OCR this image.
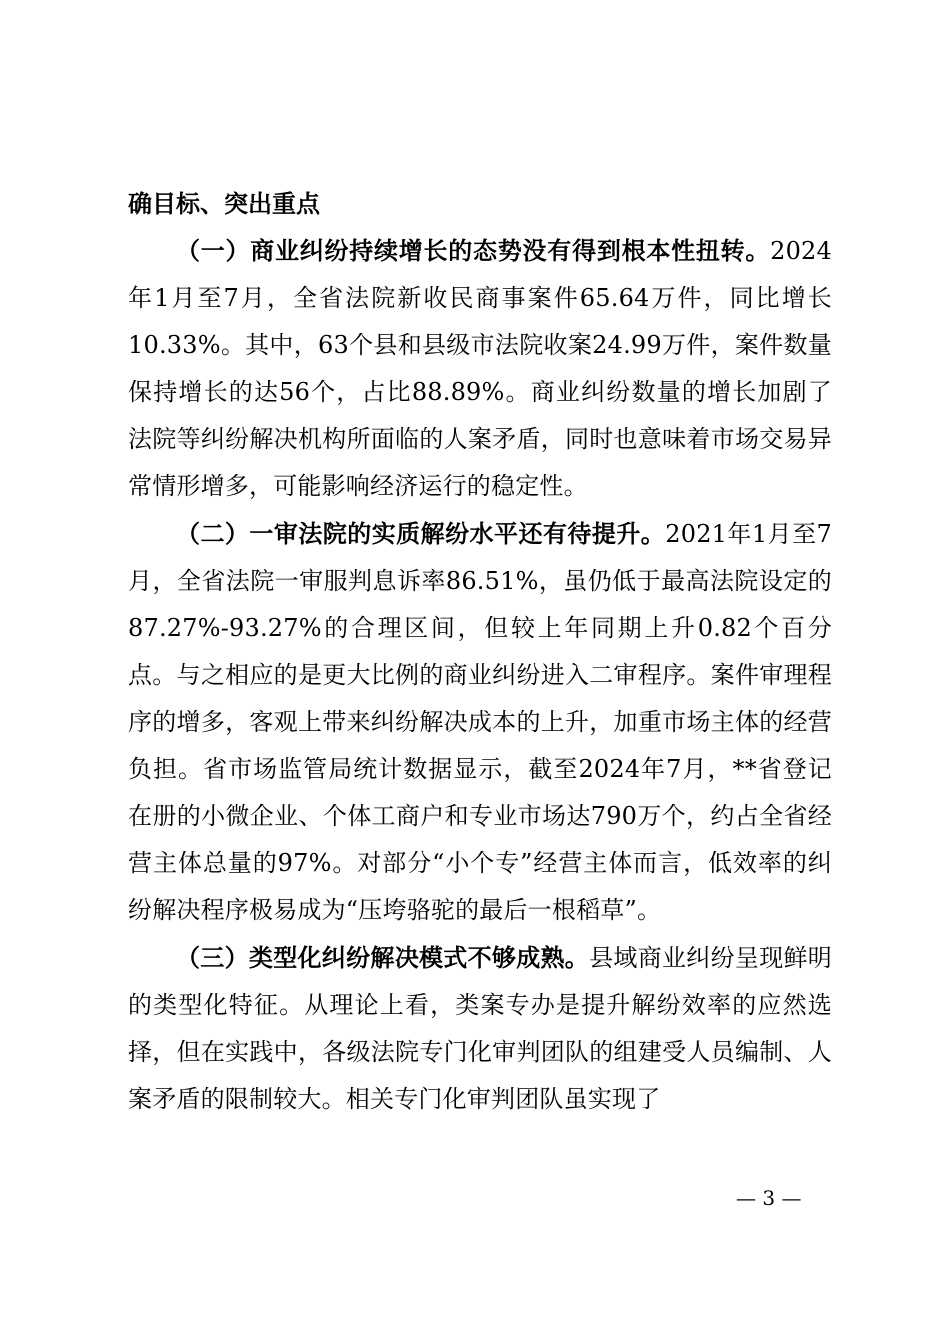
确目标、突出重点

（一）商业纠纷持续增长的态势没有得到根本性扭转。2024年1月至7月，全省法院新收民商事案件65.64万件，同比增长10.33%。其中，63个县和县级市法院收案24.99万件，案件数量保持增长的达56个，占比88.89%。商业纠纷数量的增长加剧了法院等纠纷解决机构所面临的人案矛盾，同时也意味着市场交易异常情形增多，可能影响经济运行的稳定性。

（二）一审法院的实质解纷水平还有待提升。2021年1月至7月，全省法院一审服判息诉率86.51%，虽仍低于最高法院设定的87.27%-93.27%的合理区间，但较上年同期上升0.82个百分点。与之相应的是更大比例的商业纠纷进入二审程序。案件审理程序的增多，客观上带来纠纷解决成本的上升，加重市场主体的经营负担。省市场监管局统计数据显示，截至2024年7月，**省登记在册的小微企业、个体工商户和专业市场达790万个，约占全省经营主体总量的97%。对部分“小个专”经营主体而言，低效率的纠纷解决程序极易成为“压垮骆驼的最后一根稻草”。

（三）类型化纠纷解决模式不够成熟。县域商业纠纷呈现鲜明的类型化特征。从理论上看，类案专办是提升解纷效率的应然选择，但在实践中，各级法院专门化审判团队的组建受人员编制、人案矛盾的限制较大。相关专门化审判团队虽实现了

— 3 —
